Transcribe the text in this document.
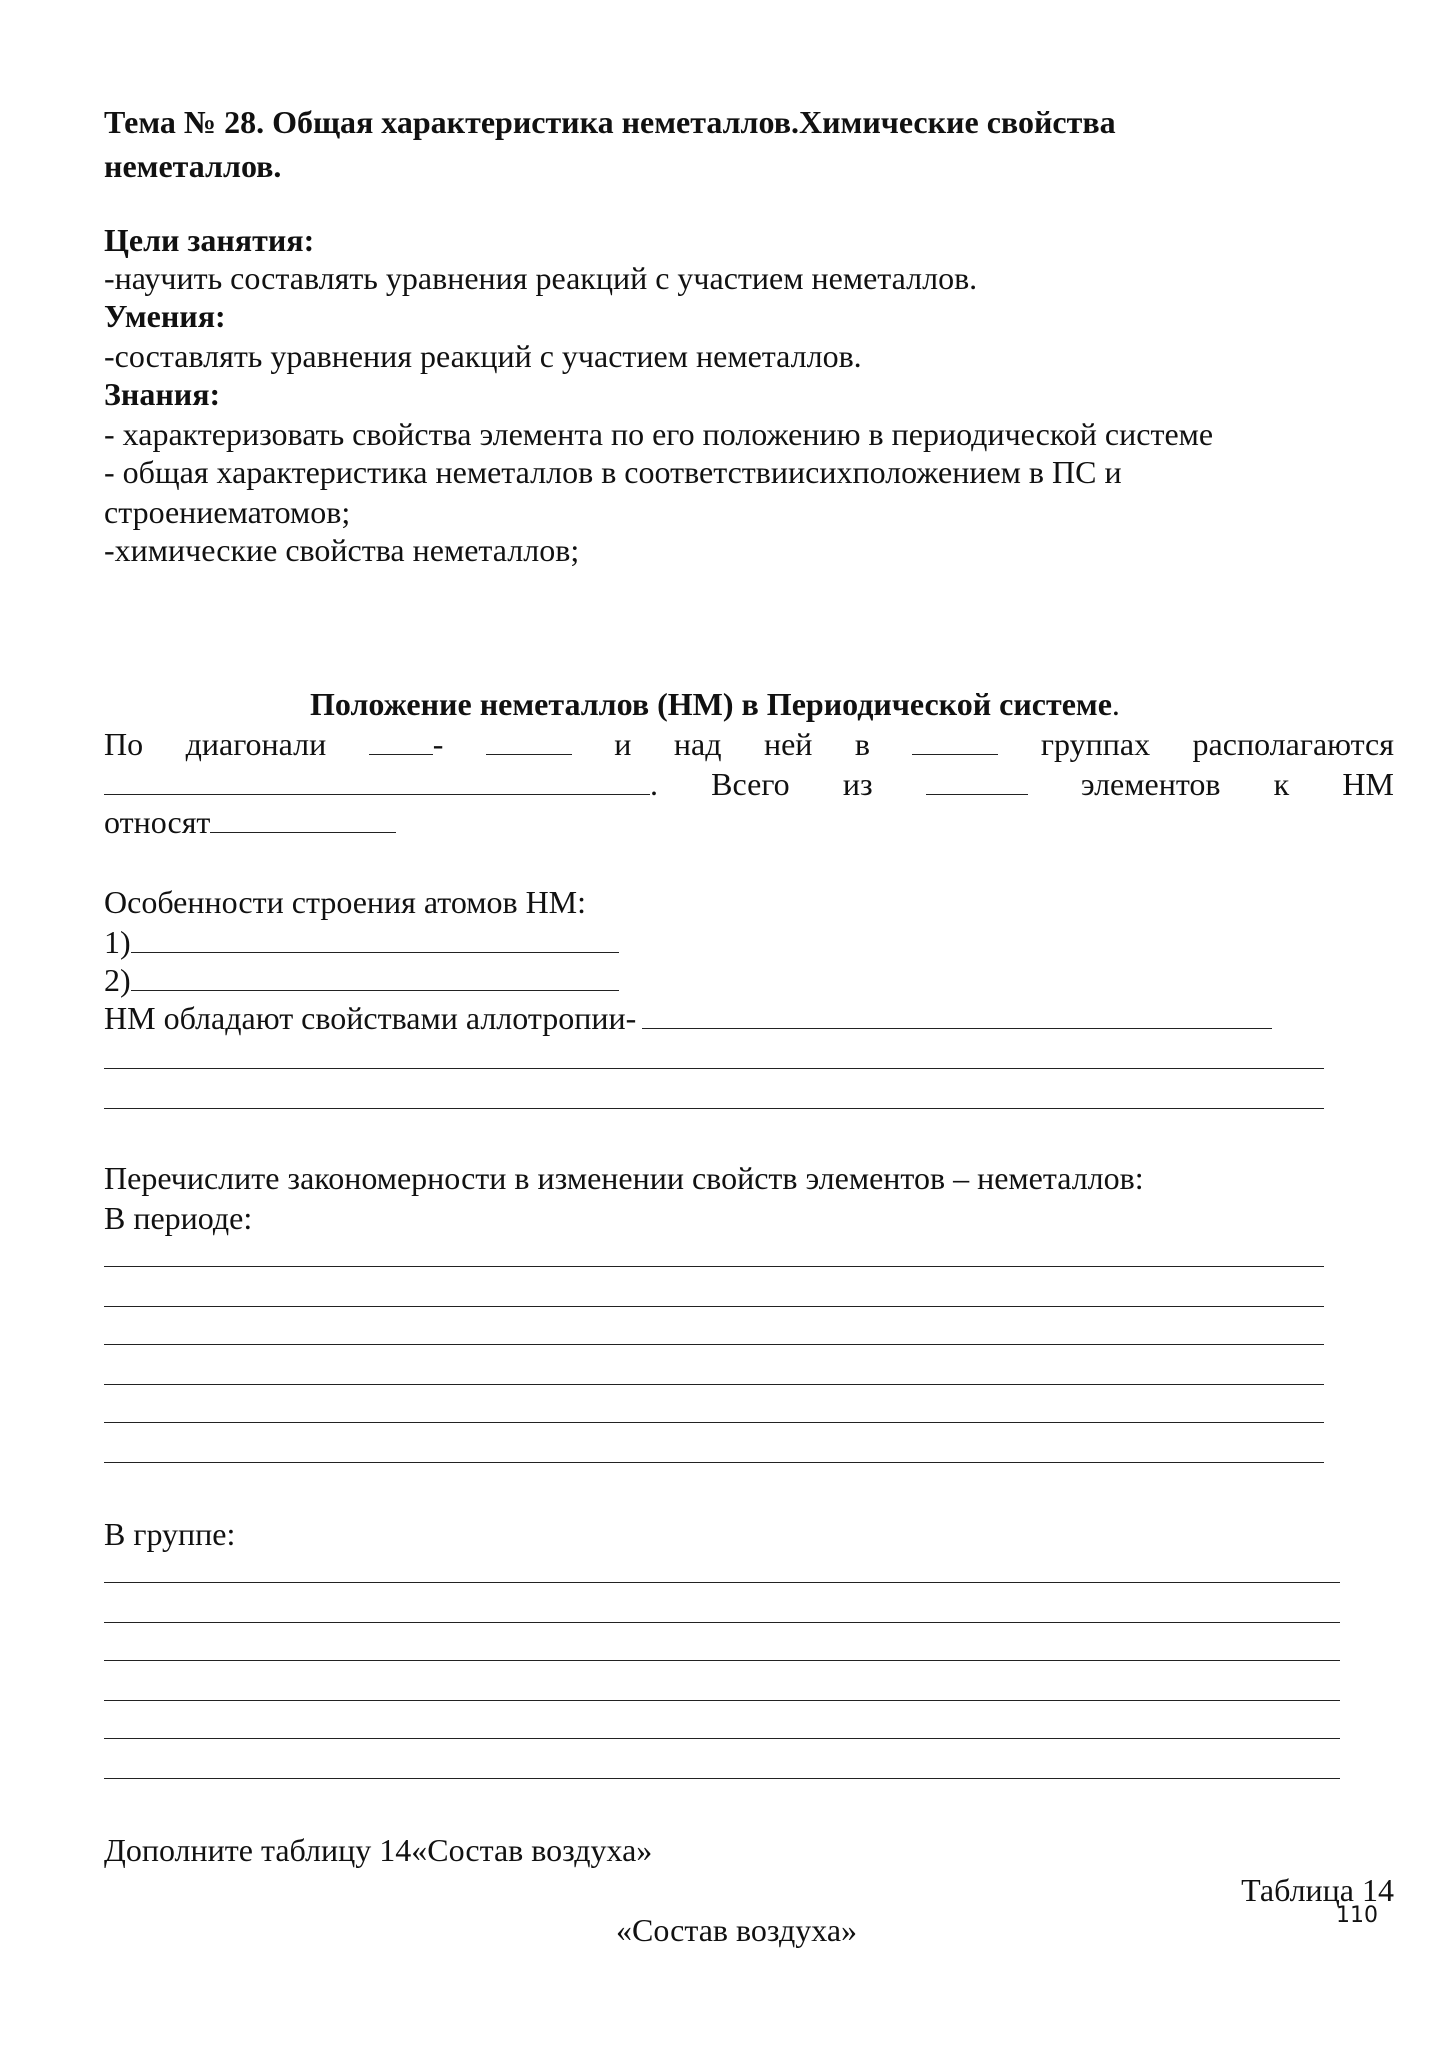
Тема № 28. Общая характеристика неметаллов.Химические свойства
неметаллов.
Цели занятия:
-научить составлять уравнения реакций с участием неметаллов.
Умения:
-составлять уравнения реакций с участием неметаллов.
Знания:
- характеризовать свойства элемента по его положению в периодической системе
- общая характеристика неметаллов в соответствиисихположением в ПС и
строениематомов;
-химические свойства неметаллов;
Положение неметаллов (НМ) в Периодической системе.
По диагонали	-	и над ней в	группах располагаются
. Всего из	элементов к НМ
относят
Особенности строения атомов НМ:
1)
2)
НМ обладают свойствами аллотропии-
Перечислите закономерности в изменении свойств элементов – неметаллов:
В периоде:
В группе:
Дополните таблицу 14«Состав воздуха»
Таблица 14
«Состав воздуха»	110
